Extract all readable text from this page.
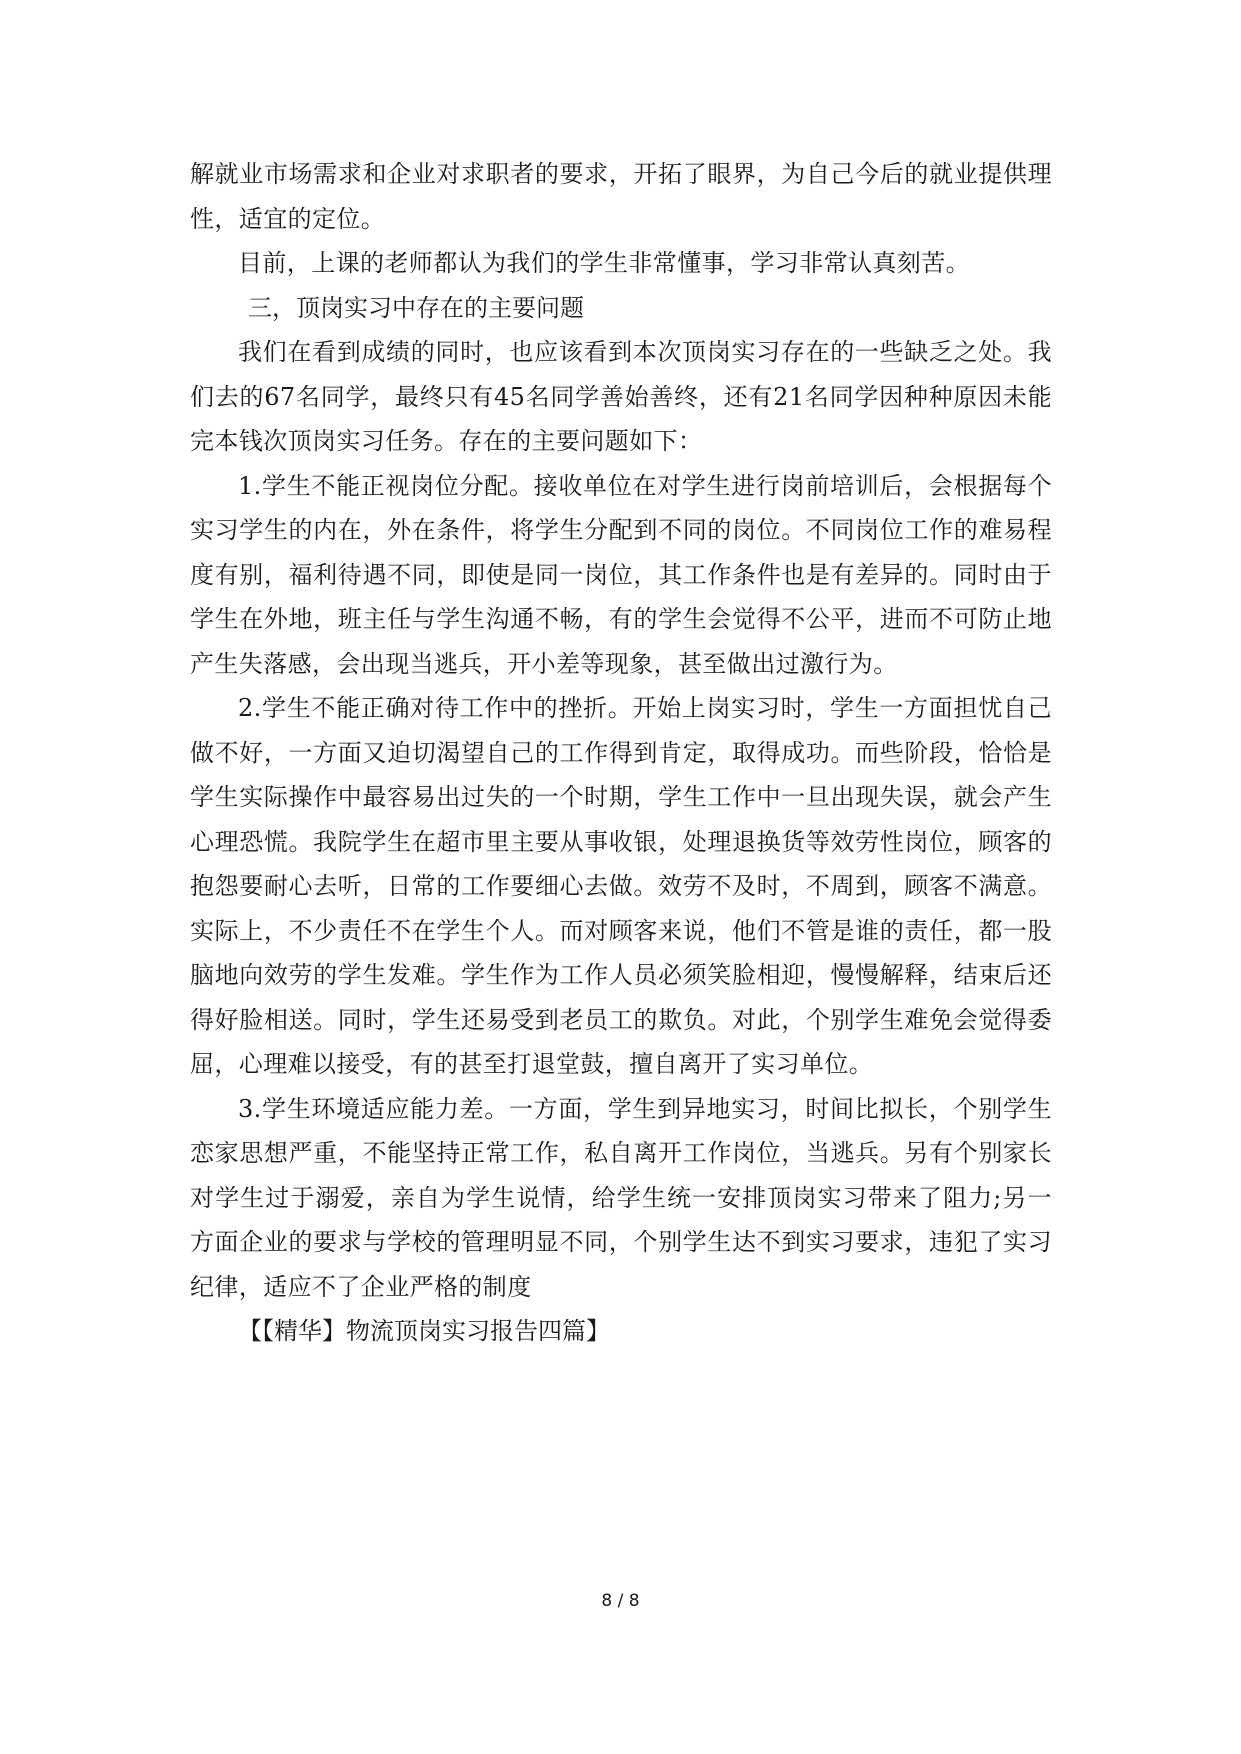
解就业市场需求和企业对求职者的要求，开拓了眼界，为自己今后的就业提供理性，适宜的定位。

目前，上课的老师都认为我们的学生非常懂事，学习非常认真刻苦。

三，顶岗实习中存在的主要问题

我们在看到成绩的同时，也应该看到本次顶岗实习存在的一些缺乏之处。我们去的67名同学，最终只有45名同学善始善终，还有21名同学因种种原因未能完本钱次顶岗实习任务。存在的主要问题如下：

1.学生不能正视岗位分配。接收单位在对学生进行岗前培训后，会根据每个实习学生的内在，外在条件，将学生分配到不同的岗位。不同岗位工作的难易程度有别，福利待遇不同，即使是同一岗位，其工作条件也是有差异的。同时由于学生在外地，班主任与学生沟通不畅，有的学生会觉得不公平，进而不可防止地产生失落感，会出现当逃兵，开小差等现象，甚至做出过激行为。

2.学生不能正确对待工作中的挫折。开始上岗实习时，学生一方面担忧自己做不好，一方面又迫切渴望自己的工作得到肯定，取得成功。而些阶段，恰恰是学生实际操作中最容易出过失的一个时期，学生工作中一旦出现失误，就会产生心理恐慌。我院学生在超市里主要从事收银，处理退换货等效劳性岗位，顾客的抱怨要耐心去听，日常的工作要细心去做。效劳不及时，不周到，顾客不满意。实际上，不少责任不在学生个人。而对顾客来说，他们不管是谁的责任，都一股脑地向效劳的学生发难。学生作为工作人员必须笑脸相迎，慢慢解释，结束后还得好脸相送。同时，学生还易受到老员工的欺负。对此，个别学生难免会觉得委屈，心理难以接受，有的甚至打退堂鼓，擅自离开了实习单位。

3.学生环境适应能力差。一方面，学生到异地实习，时间比拟长，个别学生恋家思想严重，不能坚持正常工作，私自离开工作岗位，当逃兵。另有个别家长对学生过于溺爱，亲自为学生说情，给学生统一安排顶岗实习带来了阻力;另一方面企业的要求与学校的管理明显不同，个别学生达不到实习要求，违犯了实习纪律，适应不了企业严格的制度

【【精华】物流顶岗实习报告四篇】

8 / 8
